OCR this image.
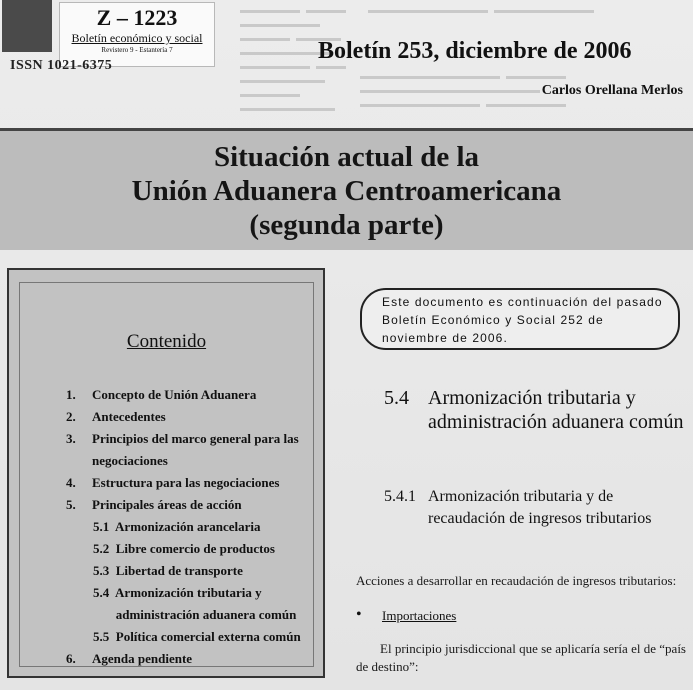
Z – 1223
Boletín económico y social
Revistero 9 - Estantería 7
ISSN 1021-6375
Boletín 253, diciembre de 2006
Carlos Orellana Merlos
Situación actual de la
Unión Aduanera Centroamericana
(segunda parte)
Contenido
1. Concepto de Unión Aduanera
2. Antecedentes
3. Principios del marco general para las
negociaciones
4. Estructura para las negociaciones
5. Principales áreas de acción
5.1  Armonización arancelaria
5.2  Libre comercio de productos
5.3  Libertad de transporte
5.4  Armonización tributaria y
administración aduanera común
5.5  Política comercial externa común
6. Agenda pendiente
Este documento es continuación del pasado Boletín Económico y Social 252 de noviembre de 2006.
5.4 Armonización tributaria y administración aduanera común
5.4.1 Armonización tributaria y de recaudación de ingresos tributarios
Acciones a desarrollar en recaudación de ingresos tributarios:
• Importaciones
El principio jurisdiccional que se aplicaría sería el de “país de destino”:
